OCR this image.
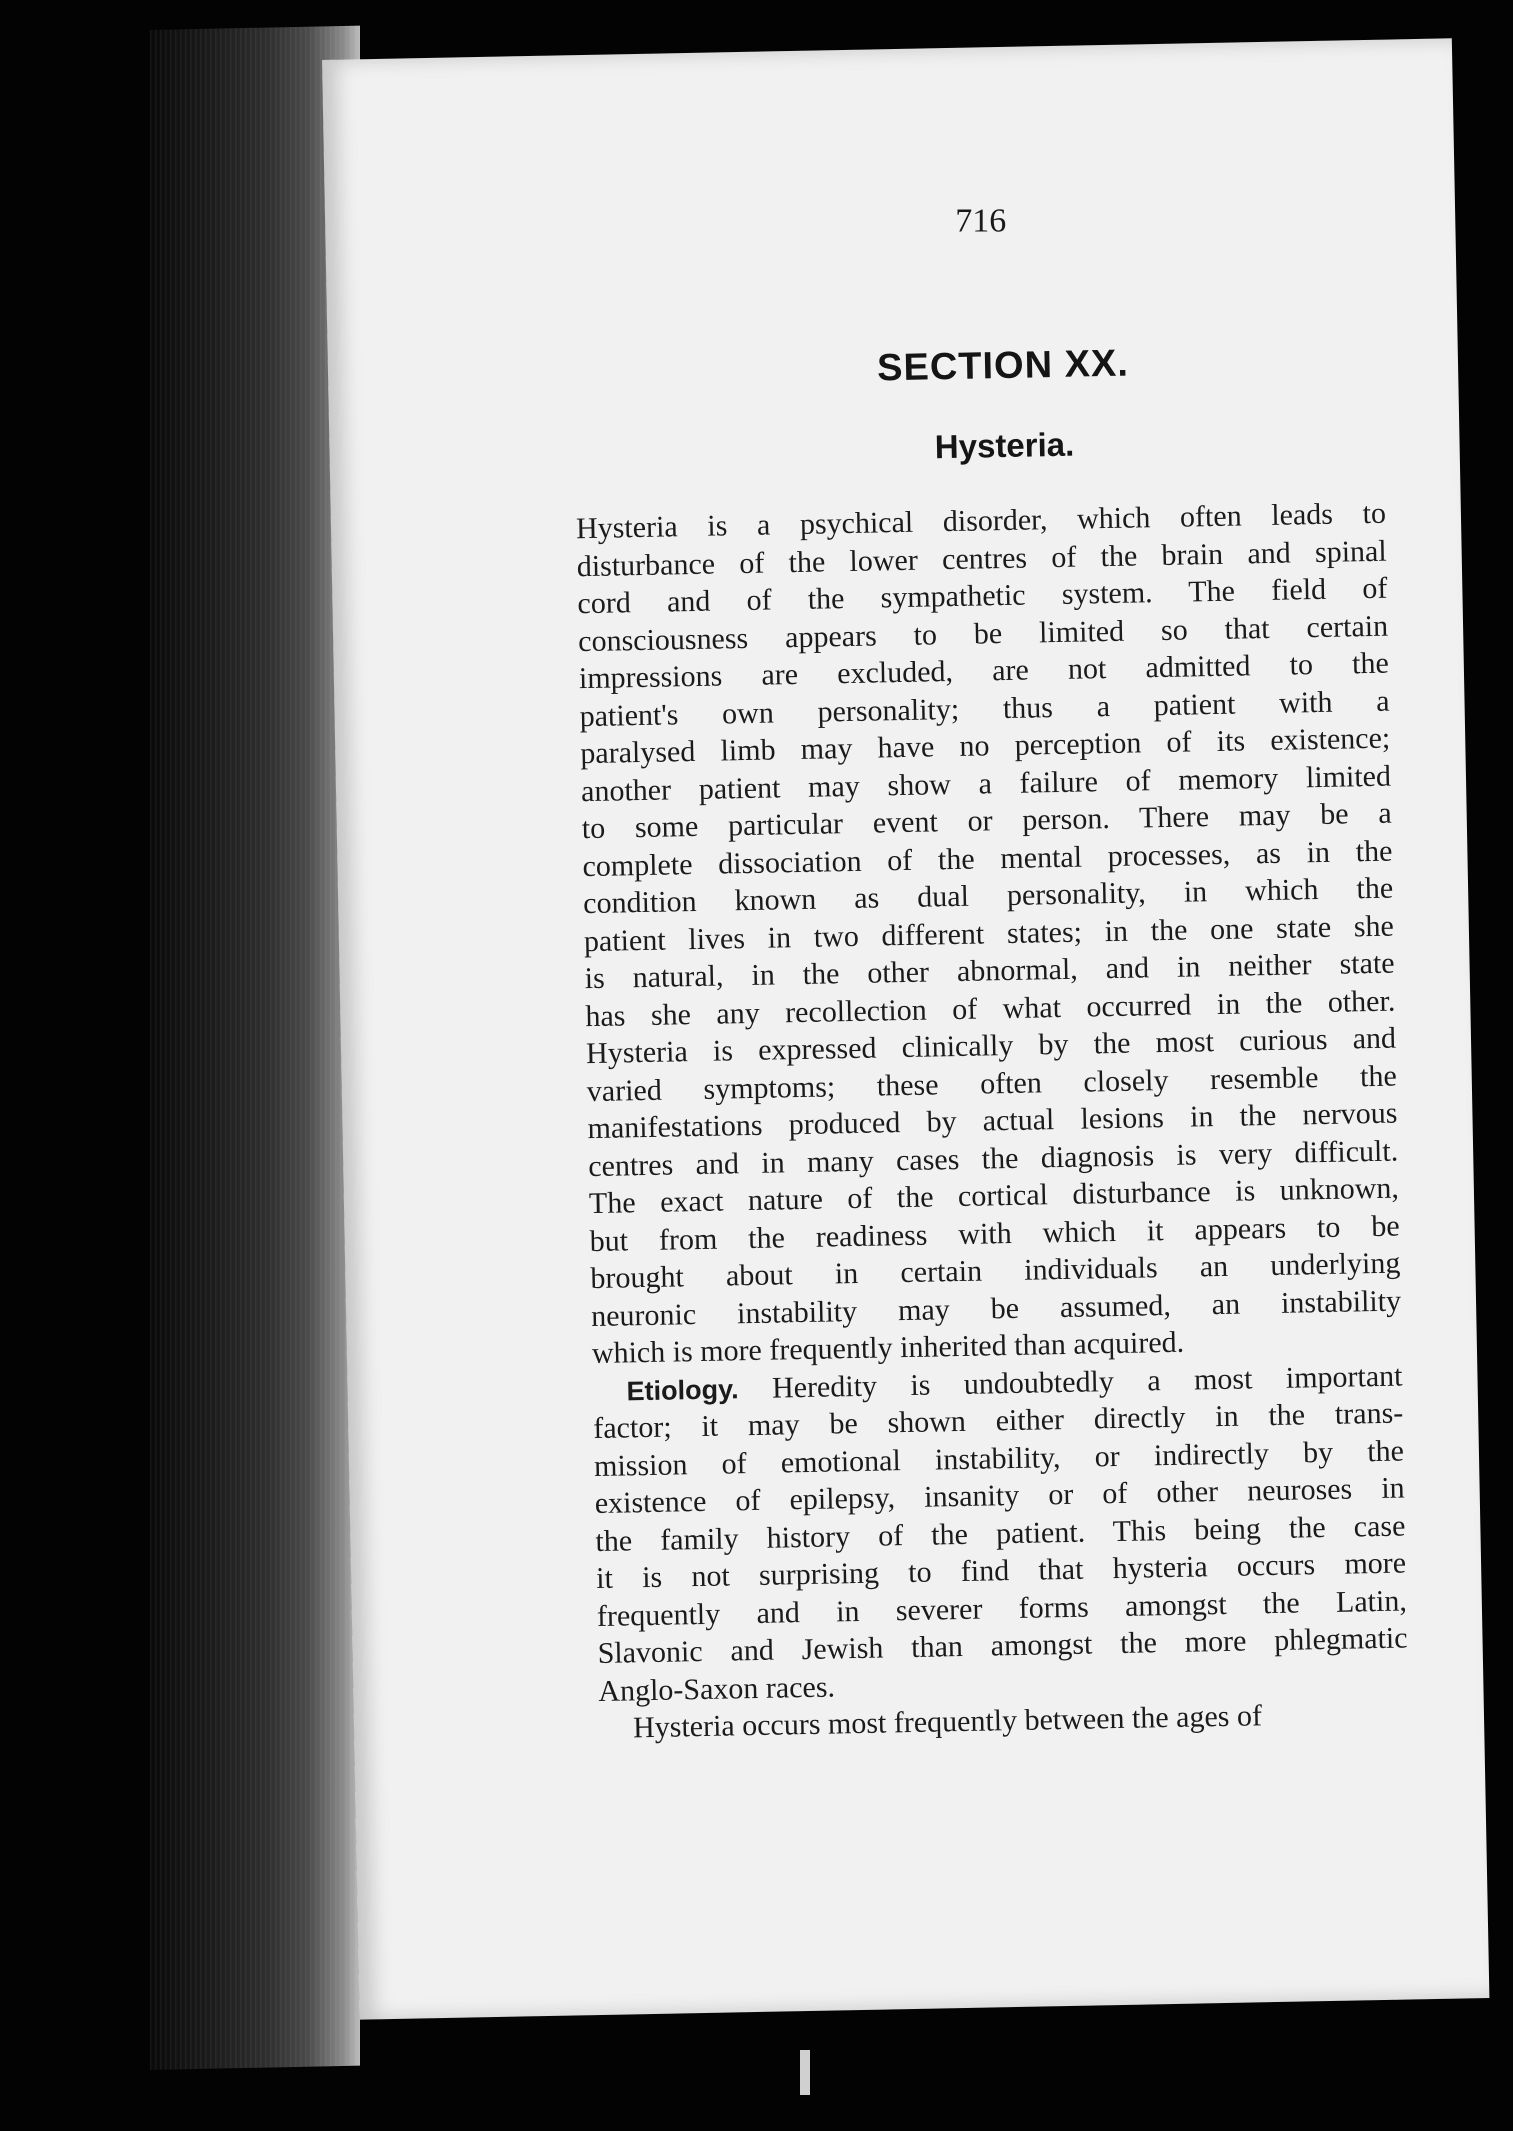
716
SECTION XX.
Hysteria.
Hysteria is a psychical disorder, which often leads to
disturbance of the lower centres of the brain and spinal
cord and of the sympathetic system. The field of
consciousness appears to be limited so that certain
impressions are excluded, are not admitted to the
patient's own personality; thus a patient with a
paralysed limb may have no perception of its existence;
another patient may show a failure of memory limited
to some particular event or person. There may be a
complete dissociation of the mental processes, as in the
condition known as dual personality, in which the
patient lives in two different states; in the one state she
is natural, in the other abnormal, and in neither state
has she any recollection of what occurred in the other.
Hysteria is expressed clinically by the most curious and
varied symptoms; these often closely resemble the
manifestations produced by actual lesions in the nervous
centres and in many cases the diagnosis is very difficult.
The exact nature of the cortical disturbance is unknown,
but from the readiness with which it appears to be
brought about in certain individuals an underlying
neuronic instability may be assumed, an instability
which is more frequently inherited than acquired.
Etiology. Heredity is undoubtedly a most important
factor; it may be shown either directly in the trans-
mission of emotional instability, or indirectly by the
existence of epilepsy, insanity or of other neuroses in
the family history of the patient. This being the case
it is not surprising to find that hysteria occurs more
frequently and in severer forms amongst the Latin,
Slavonic and Jewish than amongst the more phlegmatic
Anglo-Saxon races.
Hysteria occurs most frequently between the ages of
